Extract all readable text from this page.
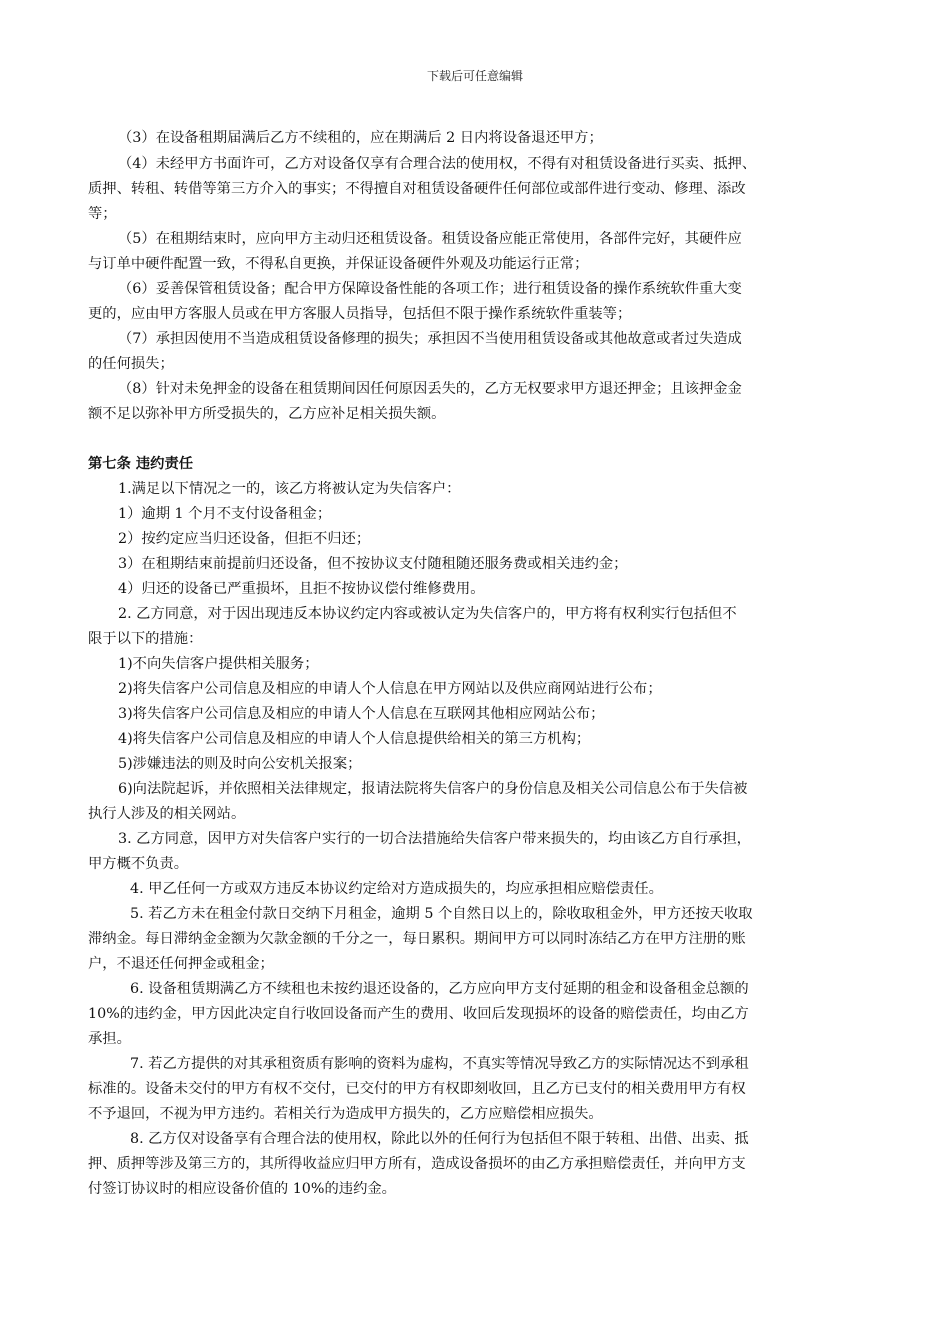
下载后可任意编辑
（3）在设备租期届满后乙方不续租的，应在期满后 2 日内将设备退还甲方；
（4）未经甲方书面许可，乙方对设备仅享有合理合法的使用权，不得有对租赁设备进行买卖、抵押、
质押、转租、转借等第三方介入的事实；不得擅自对租赁设备硬件任何部位或部件进行变动、修理、添改
等；
（5）在租期结束时，应向甲方主动归还租赁设备。租赁设备应能正常使用，各部件完好，其硬件应
与订单中硬件配置一致，不得私自更换，并保证设备硬件外观及功能运行正常；
（6）妥善保管租赁设备；配合甲方保障设备性能的各项工作；进行租赁设备的操作系统软件重大变
更的，应由甲方客服人员或在甲方客服人员指导，包括但不限于操作系统软件重装等；
（7）承担因使用不当造成租赁设备修理的损失；承担因不当使用租赁设备或其他故意或者过失造成
的任何损失；
（8）针对未免押金的设备在租赁期间因任何原因丢失的，乙方无权要求甲方退还押金；且该押金金
额不足以弥补甲方所受损失的，乙方应补足相关损失额。
第七条 违约责任
1.满足以下情况之一的，该乙方将被认定为失信客户：
1）逾期 1 个月不支付设备租金；
2）按约定应当归还设备，但拒不归还；
3）在租期结束前提前归还设备，但不按协议支付随租随还服务费或相关违约金；
4）归还的设备已严重损坏，且拒不按协议偿付维修费用。
2. 乙方同意，对于因出现违反本协议约定内容或被认定为失信客户的，甲方将有权利实行包括但不
限于以下的措施：
1)不向失信客户提供相关服务；
2)将失信客户公司信息及相应的申请人个人信息在甲方网站以及供应商网站进行公布；
3)将失信客户公司信息及相应的申请人个人信息在互联网其他相应网站公布；
4)将失信客户公司信息及相应的申请人个人信息提供给相关的第三方机构；
5)涉嫌违法的则及时向公安机关报案；
6)向法院起诉，并依照相关法律规定，报请法院将失信客户的身份信息及相关公司信息公布于失信被
执行人涉及的相关网站。
3. 乙方同意，因甲方对失信客户实行的一切合法措施给失信客户带来损失的，均由该乙方自行承担，
甲方概不负责。
4. 甲乙任何一方或双方违反本协议约定给对方造成损失的，均应承担相应赔偿责任。
5. 若乙方未在租金付款日交纳下月租金，逾期 5 个自然日以上的，除收取租金外，甲方还按天收取
滞纳金。每日滞纳金金额为欠款金额的千分之一，每日累积。期间甲方可以同时冻结乙方在甲方注册的账
户，不退还任何押金或租金；
6. 设备租赁期满乙方不续租也未按约退还设备的，乙方应向甲方支付延期的租金和设备租金总额的
10%的违约金，甲方因此决定自行收回设备而产生的费用、收回后发现损坏的设备的赔偿责任，均由乙方
承担。
7. 若乙方提供的对其承租资质有影响的资料为虚构，不真实等情况导致乙方的实际情况达不到承租
标准的。设备未交付的甲方有权不交付，已交付的甲方有权即刻收回，且乙方已支付的相关费用甲方有权
不予退回，不视为甲方违约。若相关行为造成甲方损失的，乙方应赔偿相应损失。
8. 乙方仅对设备享有合理合法的使用权，除此以外的任何行为包括但不限于转租、出借、出卖、抵
押、质押等涉及第三方的，其所得收益应归甲方所有，造成设备损坏的由乙方承担赔偿责任，并向甲方支
付签订协议时的相应设备价值的 10%的违约金。
